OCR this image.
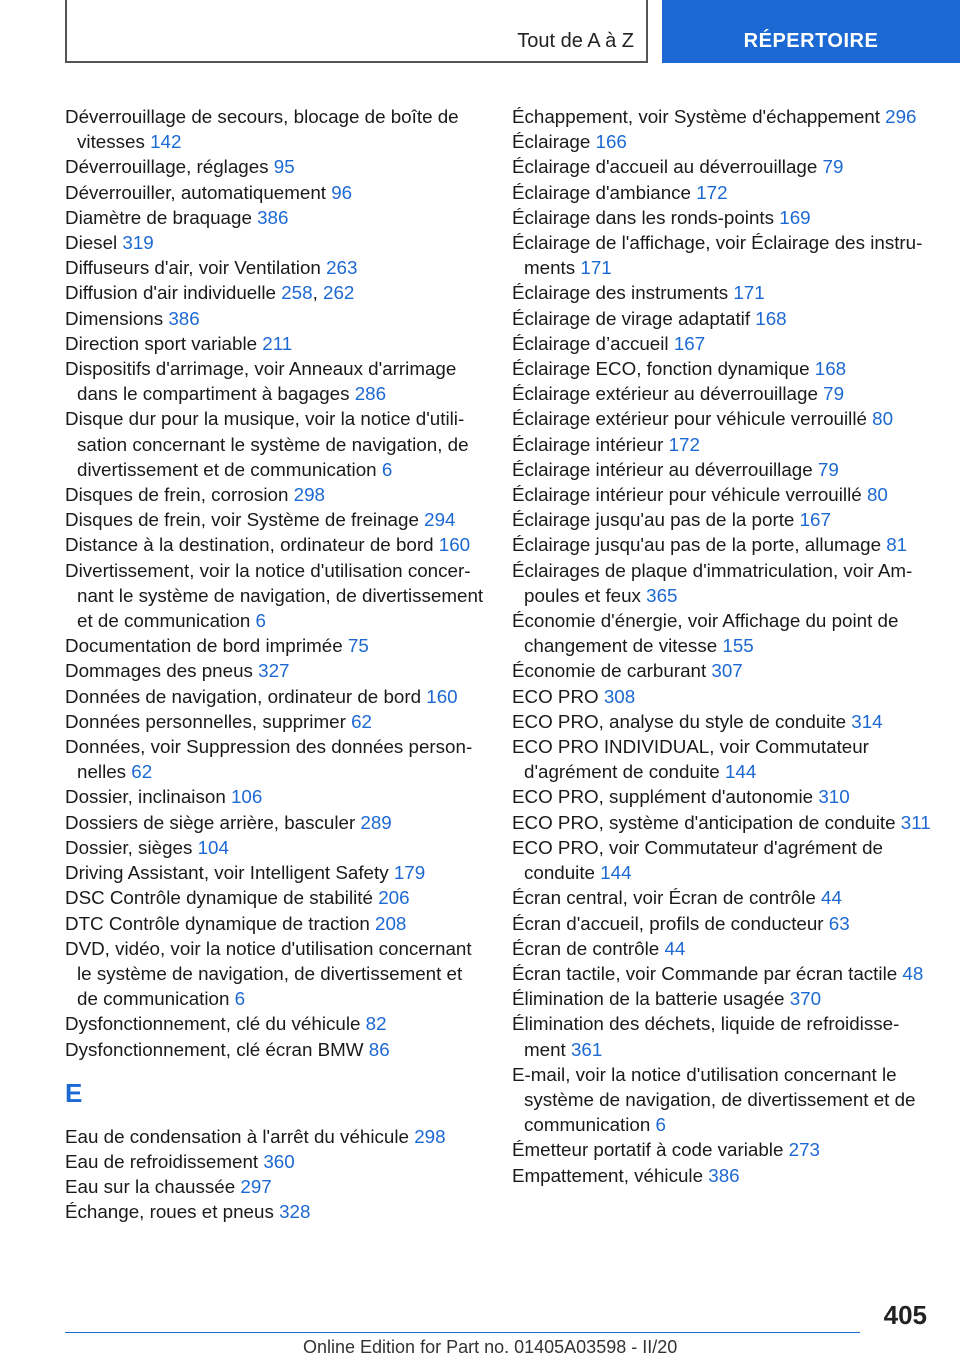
Tout de A à Z	RÉPERTOIRE
Déverrouillage de secours, blocage de boîte de vitesses 142
Déverrouillage, réglages 95
Déverrouiller, automatiquement 96
Diamètre de braquage 386
Diesel 319
Diffuseurs d'air, voir Ventilation 263
Diffusion d'air individuelle 258, 262
Dimensions 386
Direction sport variable 211
Dispositifs d'arrimage, voir Anneaux d'arrimage dans le compartiment à bagages 286
Disque dur pour la musique, voir la notice d'utilisation concernant le système de navigation, de divertissement et de communication 6
Disques de frein, corrosion 298
Disques de frein, voir Système de freinage 294
Distance à la destination, ordinateur de bord 160
Divertissement, voir la notice d'utilisation concernant le système de navigation, de divertissement et de communication 6
Documentation de bord imprimée 75
Dommages des pneus 327
Données de navigation, ordinateur de bord 160
Données personnelles, supprimer 62
Données, voir Suppression des données personnelles 62
Dossier, inclinaison 106
Dossiers de siège arrière, basculer 289
Dossier, sièges 104
Driving Assistant, voir Intelligent Safety 179
DSC Contrôle dynamique de stabilité 206
DTC Contrôle dynamique de traction 208
DVD, vidéo, voir la notice d'utilisation concernant le système de navigation, de divertissement et de communication 6
Dysfonctionnement, clé du véhicule 82
Dysfonctionnement, clé écran BMW 86
E
Eau de condensation à l'arrêt du véhicule 298
Eau de refroidissement 360
Eau sur la chaussée 297
Échange, roues et pneus 328
Échappement, voir Système d'échappement 296
Éclairage 166
Éclairage d'accueil au déverrouillage 79
Éclairage d'ambiance 172
Éclairage dans les ronds-points 169
Éclairage de l'affichage, voir Éclairage des instruments 171
Éclairage des instruments 171
Éclairage de virage adaptatif 168
Éclairage d’accueil 167
Éclairage ECO, fonction dynamique 168
Éclairage extérieur au déverrouillage 79
Éclairage extérieur pour véhicule verrouillé 80
Éclairage intérieur 172
Éclairage intérieur au déverrouillage 79
Éclairage intérieur pour véhicule verrouillé 80
Éclairage jusqu'au pas de la porte 167
Éclairage jusqu'au pas de la porte, allumage 81
Éclairages de plaque d'immatriculation, voir Ampoules et feux 365
Économie d'énergie, voir Affichage du point de changement de vitesse 155
Économie de carburant 307
ECO PRO 308
ECO PRO, analyse du style de conduite 314
ECO PRO INDIVIDUAL, voir Commutateur d'agrément de conduite 144
ECO PRO, supplément d'autonomie 310
ECO PRO, système d'anticipation de conduite 311
ECO PRO, voir Commutateur d'agrément de conduite 144
Écran central, voir Écran de contrôle 44
Écran d'accueil, profils de conducteur 63
Écran de contrôle 44
Écran tactile, voir Commande par écran tactile 48
Élimination de la batterie usagée 370
Élimination des déchets, liquide de refroidissement 361
E-mail, voir la notice d'utilisation concernant le système de navigation, de divertissement et de communication 6
Émetteur portatif à code variable 273
Empattement, véhicule 386
405
Online Edition for Part no. 01405A03598 - II/20
